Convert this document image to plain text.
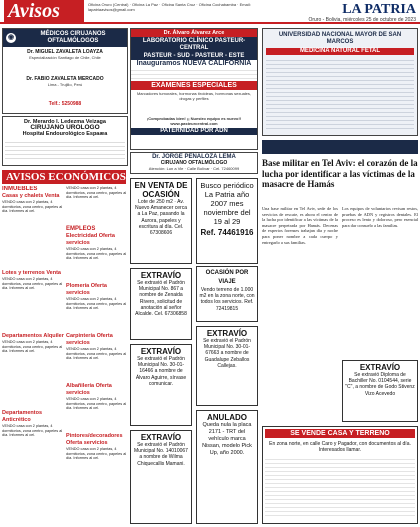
Avisos	Oficina Oruro (Central) · Oficina La Paz · Oficina Santa Cruz · Oficina Cochabamba · Email: lapatriaavisos@gmail.com	LA PATRIA
Oruro - Bolivia, miércoles 25 de octubre de 2023
◉	MÉDICOS CIRUJANOS OFTALMÓLOGOS
Dr. MIGUEL ZAVALETA LOAYZA
Especialización Santiago de Chile, Chile
Dr. FABIO ZAVALETA MERCADO
Lima - Trujillo, Perú
Telf.: 5250988
Dr. Merardo I. Ledezma Veizaga
CIRUJANO UROLOGO
Hospital Endourológico Espaæa
Dr. Álvaro Álvarez Arce
LABORATORIO CLÍNICO PASTEUR-CENTRAL
PASTEUR - SUD - PASTEUR - ESTE
Inauguramos NUEVA CALIFORNIA
EXÁMENES ESPECIALES
Marcadores tumorales, hormonas tiroideas, hormonas sexuales, drogas y perfiles
¡Comprobadas bien! ¡¡ Nuestro equipo es nuevo!! www.pasteurcentral.com
PATERNIDAD POR ADN
Dr. JORGE PEÑALOZA LEMA
CIRUJANO OFTALMÓLOGO
Atención: Lun a Vie · Calle Bolívar · Cel. 72460099
UNIVERSIDAD NACIONAL MAYOR DE SAN MARCOS
MEDICINA NATURAL FETAL
AVISOS ECONÓMICOS
INMUEBLES
Casas y chalets Venta
VENDO casa con 2 plantas, 4 dormitorios, zona centro, papeles al día. Informes al cel.
Lotes y terrenos Venta
VENDO casa con 2 plantas, 4 dormitorios, zona centro, papeles al día. Informes al cel.
Departamentos Alquiler
VENDO casa con 2 plantas, 4 dormitorios, zona centro, papeles al día. Informes al cel.
Departamentos Anticrético
VENDO casa con 2 plantas, 4 dormitorios, zona centro, papeles al día. Informes al cel.
VENDO casa con 2 plantas, 4 dormitorios, zona centro, papeles al día. Informes al cel.
EMPLEOS
Electricidad Oferta servicios
VENDO casa con 2 plantas, 4 dormitorios, zona centro, papeles al día. Informes al cel.
Plomería Oferta servicios
VENDO casa con 2 plantas, 4 dormitorios, zona centro, papeles al día. Informes al cel.
Carpintería Oferta servicios
VENDO casa con 2 plantas, 4 dormitorios, zona centro, papeles al día. Informes al cel.
Albañilería Oferta servicios
VENDO casa con 2 plantas, 4 dormitorios, zona centro, papeles al día. Informes al cel.
Pintores/decoradores Oferta servicios
VENDO casa con 2 plantas, 4 dormitorios, zona centro, papeles al día. Informes al cel.
EN VENTA DE OCASIÓN
Lote de 250 m2 · Av. Nuevo Amanecer cerca a La Paz, pasando la Aurora, papeles y escritura al día. Cel. 67308606
Busco periódico La Patria año 2007 mes noviembre del 19 al 29
Ref. 74461916
OCASIÓN POR VIAJE
Vendo terreno de 1.000 m2 en la zona norte, con todos los servicios. Ref. 72419815
EXTRAVÍO
Se extravió el Padrón Municipal No. 867 a nombre de Zenaida Rivero, solicitud de anotación al señor Alcalde. Cel. 67306858
EXTRAVÍO
Se extravió el Padrón Municipal No. 30-01-16466 a nombre de Álvaro Aguirre, sírvase comunicar.
EXTRAVÍO
Se extravió el Padrón Municipal No. 30-01-67663 a nombre de Guadalupe Zeballos Callejas.
EXTRAVÍO
Se extravió el Padrón Municipal No. 14010067 a nombre de Wilma Chiquecallis Mamani.
ANULADO
Queda nula la placa 2171 - TRT del vehículo marca Nissan, modelo Pick Up, año 2000.
Base militar en Tel Aviv: el corazón de la lucha por identificar a las víctimas de la masacre de Hamás
Una base militar en Tel Aviv, sede de los servicios de rescate, es ahora el centro de la lucha por identificar a las víctimas de la masacre perpetrada por Hamás. Decenas de expertos forenses trabajan día y noche para poner nombre a cada cuerpo y entregarlo a sus familias.
Los equipos de voluntarios revisan restos, pruebas de ADN y registros dentales. El proceso es lento y doloroso, pero esencial para dar consuelo a las familias.
EXTRAVÍO
Se extravió Diploma de Bachiller No. 0104544, serie "C", a nombre de Godo Stivenz Vizo Acevedo
SE VENDE CASA Y TERRENO
En zona norte, en calle Caro y Pagador, con documentos al día. Interesados llamar.
